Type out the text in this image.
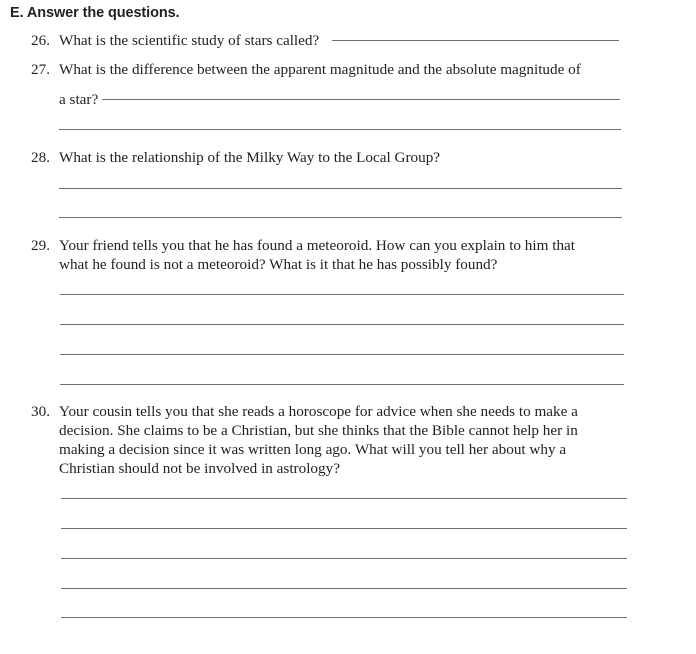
E. Answer the questions.
26. What is the scientific study of stars called?
27. What is the difference between the apparent magnitude and the absolute magnitude of
a star?
28. What is the relationship of the Milky Way to the Local Group?
29. Your friend tells you that he has found a meteoroid. How can you explain to him that
what he found is not a meteoroid? What is it that he has possibly found?
30. Your cousin tells you that she reads a horoscope for advice when she needs to make a
decision. She claims to be a Christian, but she thinks that the Bible cannot help her in
making a decision since it was written long ago. What will you tell her about why a
Christian should not be involved in astrology?
